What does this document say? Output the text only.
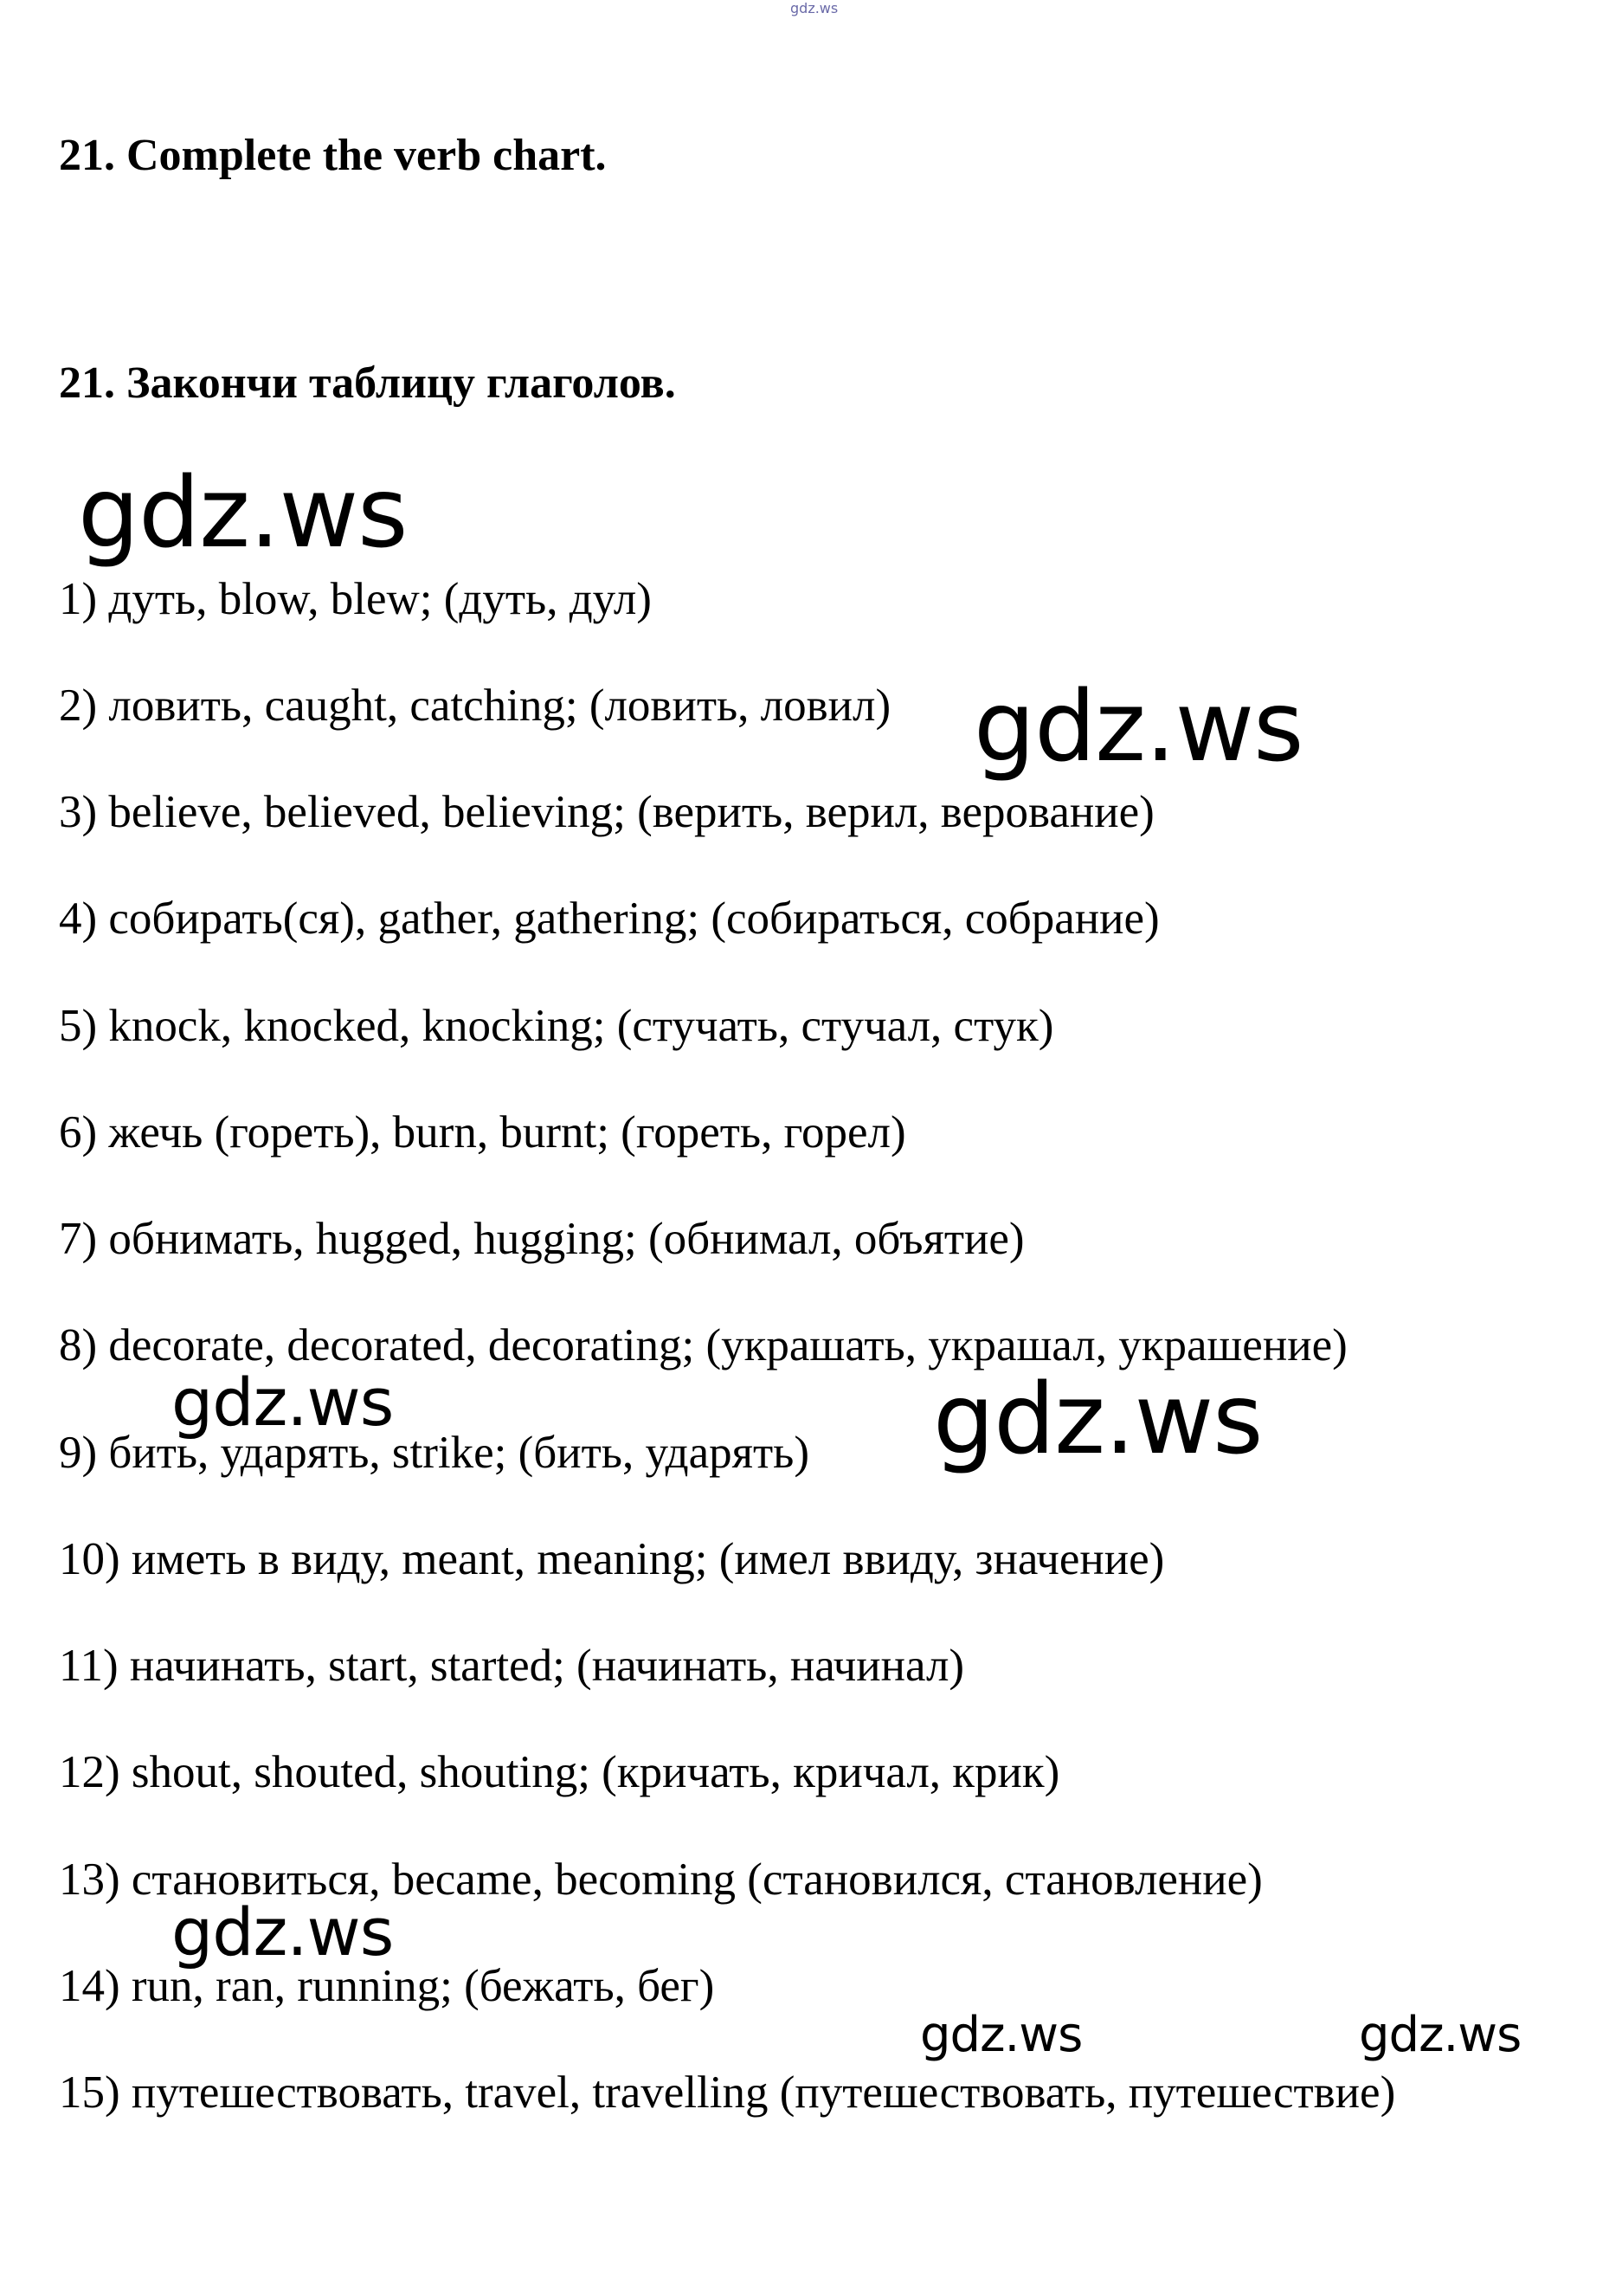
gdz.ws
21. Complete the verb chart.
21. Закончи таблицу глаголов.
1) дуть, blow, blew; (дуть, дул)
2) ловить, caught, catching; (ловить, ловил)
3) believe, believed, believing; (верить, верил, верование)
4) собирать(ся), gather, gathering; (собираться, собрание)
5) knock, knocked, knocking; (стучать, стучал, стук)
6) жечь (гореть), burn, burnt; (гореть, горел)
7) обнимать, hugged, hugging; (обнимал, объятие)
8) decorate, decorated, decorating; (украшать, украшал, украшение)
9) бить, ударять, strike; (бить, ударять)
10) иметь в виду, meant, meaning; (имел ввиду, значение)
11) начинать, start, started; (начинать, начинал)
12) shout, shouted, shouting; (кричать, кричал, крик)
13) становиться, became, becoming (становился, становление)
14) run, ran, running; (бежать, бег)
15) путешествовать, travel, travelling (путешествовать, путешествие)
gdz.ws
gdz.ws
gdz.ws	gdz.ws
gdz.ws
gdz.ws	gdz.ws
